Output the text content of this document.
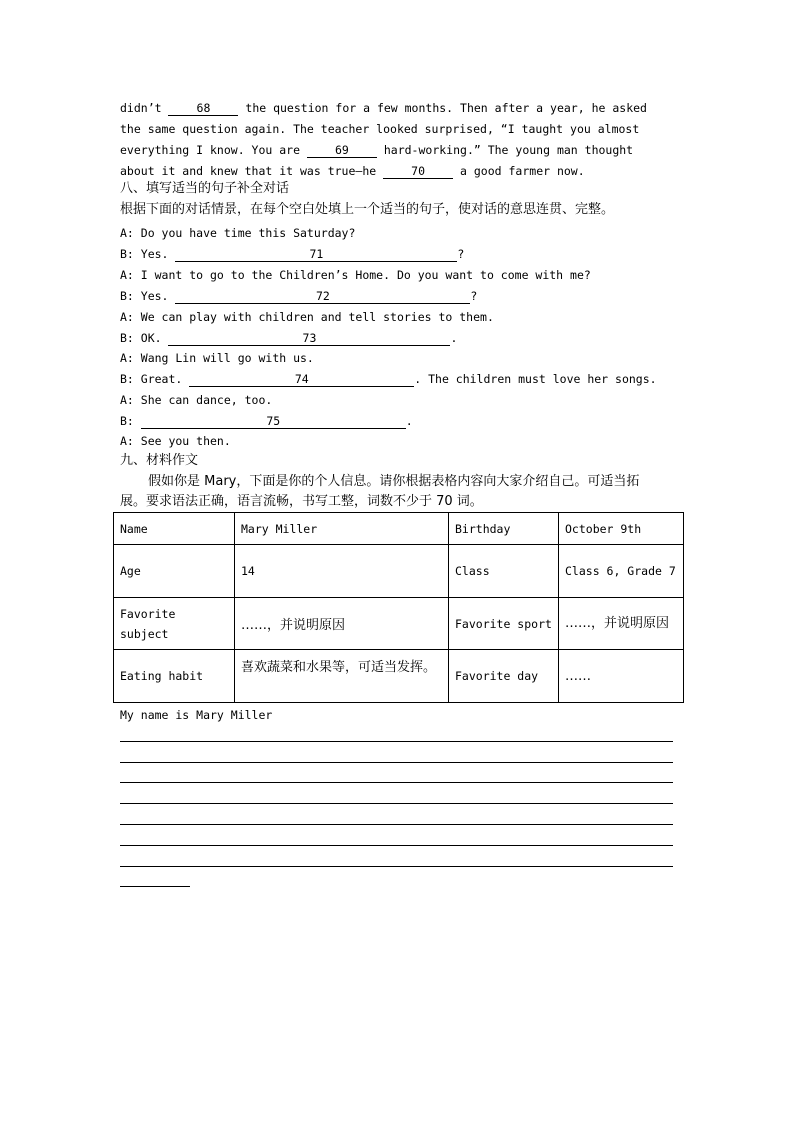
didn’t 68 the question for a few months. Then after a year, he asked
the same question again. The teacher looked surprised, “I taught you almost
everything I know. You are 69 hard-working.” The young man thought
about it and knew that it was true—he 70 a good farmer now.
八、填写适当的句子补全对话
根据下面的对话情景，在每个空白处填上一个适当的句子，使对话的意思连贯、完整。
A: Do you have time this Saturday?
B: Yes.	71	?
A: I want to go to the Children’s Home. Do you want to come with me?
B: Yes.	72	?
A: We can play with children and tell stories to them.
B: OK.	73	.
A: Wang Lin will go with us.
B: Great.	74	. The children must love her songs.
A: She can dance, too.
B:	75	.
A: See you then.
九、材料作文
假如你是 Mary，下面是你的个人信息。请你根据表格内容向大家介绍自己。可适当拓
展。要求语法正确，语言流畅，书写工整，词数不少于 70 词。
Name	Mary Miller	Birthday	October 9th
Age	14	Class	Class 6, Grade 7
Favorite subject	……，并说明原因	Favorite sport	……，并说明原因
Eating habit	喜欢蔬菜和水果等，可适当发挥。	Favorite day	……
My name is Mary Miller
